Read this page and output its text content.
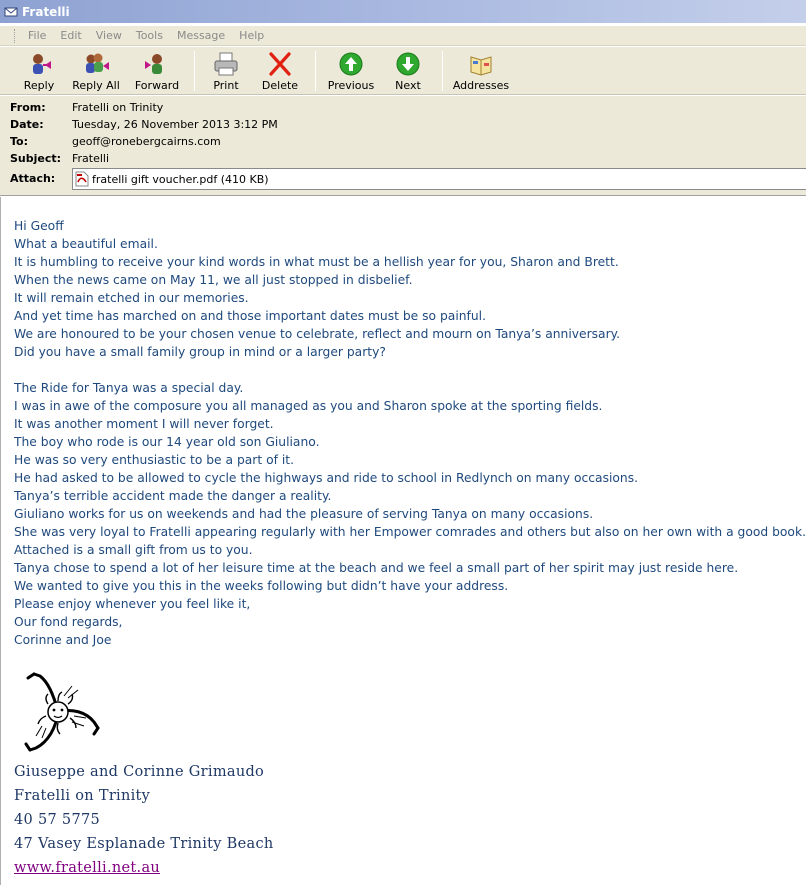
Fratelli
File	Edit	View	Tools	Message	Help
Reply Reply All Forward	Print Delete	Previous Next	Addresses
From:	Fratelli on Trinity
Date:	Tuesday, 26 November 2013 3:12 PM
To:	geoff@ronebergcairns.com
Subject: Fratelli
Attach:	fratelli gift voucher.pdf (410 KB)
Hi Geoff
What a beautiful email.
It is humbling to receive your kind words in what must be a hellish year for you, Sharon and Brett.
When the news came on May 11, we all just stopped in disbelief.
It will remain etched in our memories.
And yet time has marched on and those important dates must be so painful.
We are honoured to be your chosen venue to celebrate, reflect and mourn on Tanya’s anniversary.
Did you have a small family group in mind or a larger party?
The Ride for Tanya was a special day.
I was in awe of the composure you all managed as you and Sharon spoke at the sporting fields.
It was another moment I will never forget.
The boy who rode is our 14 year old son Giuliano.
He was so very enthusiastic to be a part of it.
He had asked to be allowed to cycle the highways and ride to school in Redlynch on many occasions.
Tanya’s terrible accident made the danger a reality.
Giuliano works for us on weekends and had the pleasure of serving Tanya on many occasions.
She was very loyal to Fratelli appearing regularly with her Empower comrades and others but also on her own with a good book.
Attached is a small gift from us to you.
Tanya chose to spend a lot of her leisure time at the beach and we feel a small part of her spirit may just reside here.
We wanted to give you this in the weeks following but didn’t have your address.
Please enjoy whenever you feel like it,
Our fond regards,
Corinne and Joe
Giuseppe and Corinne Grimaudo
Fratelli on Trinity
40 57 5775
47 Vasey Esplanade Trinity Beach
www.fratelli.net.au
